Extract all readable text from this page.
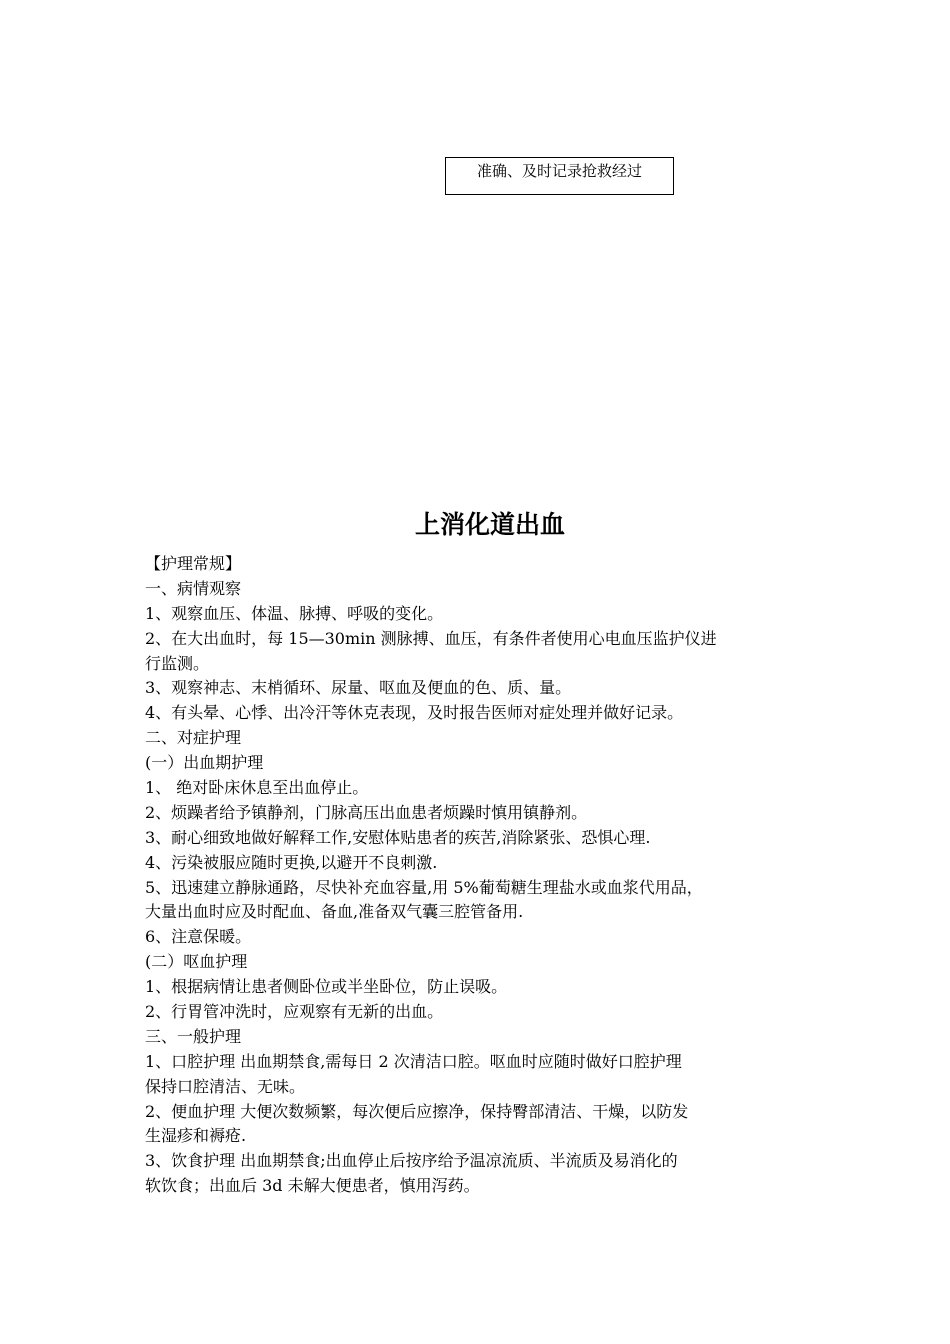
准确、及时记录抢救经过
上消化道出血
【护理常规】
一、病情观察
1、观察血压、体温、脉搏、呼吸的变化。
2、在大出血时，每 15—30min 测脉搏、血压，有条件者使用心电血压监护仪进
行监测。
3、观察神志、末梢循环、尿量、呕血及便血的色、质、量。
4、有头晕、心悸、出冷汗等休克表现，及时报告医师对症处理并做好记录。
二、对症护理
(一）出血期护理
1、 绝对卧床休息至出血停止。
2、烦躁者给予镇静剂，门脉高压出血患者烦躁时慎用镇静剂。
3、耐心细致地做好解释工作,安慰体贴患者的疾苦,消除紧张、恐惧心理.
4、污染被服应随时更换,以避开不良刺激.
5、迅速建立静脉通路，尽快补充血容量,用 5%葡萄糖生理盐水或血浆代用品，
大量出血时应及时配血、备血,准备双气囊三腔管备用.
6、注意保暖。
(二）呕血护理
1、根据病情让患者侧卧位或半坐卧位，防止误吸。
2、行胃管冲洗时，应观察有无新的出血。
三、一般护理
1、口腔护理 出血期禁食,需每日 2 次清洁口腔。呕血时应随时做好口腔护理
保持口腔清洁、无味。
2、便血护理 大便次数频繁，每次便后应擦净，保持臀部清洁、干燥，以防发
生湿疹和褥疮.
3、饮食护理 出血期禁食;出血停止后按序给予温凉流质、半流质及易消化的
软饮食；出血后 3d 未解大便患者，慎用泻药。
